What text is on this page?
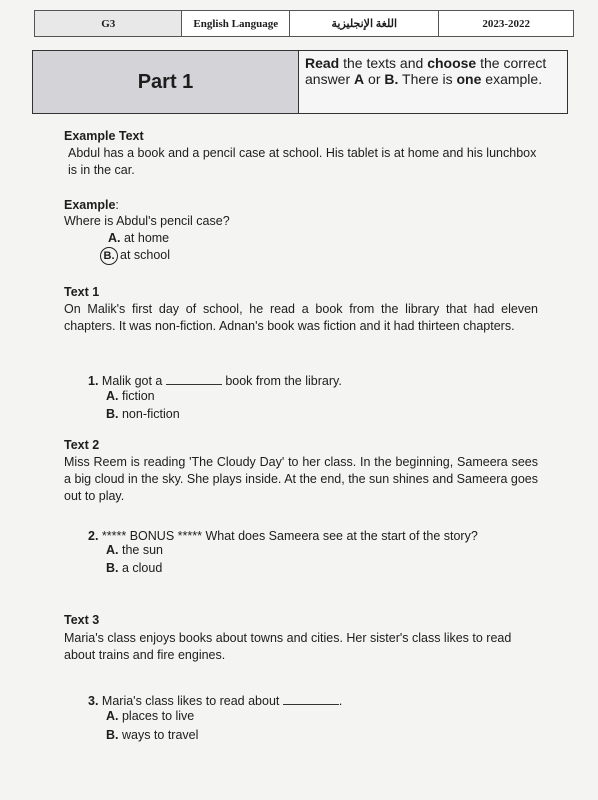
G3	English Language	اللغة الإنجليزية	2023-2022
Part 1
Read the texts and choose the correct answer A or B. There is one example.
Example Text
Abdul has a book and a pencil case at school. His tablet is at home and his lunchbox is in the car.
Example:
Where is Abdul's pencil case?
A. at home
B. at school
Text 1
On Malik's first day of school, he read a book from the library that had eleven chapters. It was non-fiction. Adnan's book was fiction and it had thirteen chapters.
1. Malik got a	book from the library.
A. fiction
B. non-fiction
Text 2
Miss Reem is reading 'The Cloudy Day' to her class. In the beginning, Sameera sees a big cloud in the sky. She plays inside. At the end, the sun shines and Sameera goes out to play.
2. ***** BONUS ***** What does Sameera see at the start of the story?
A. the sun
B. a cloud
Text 3
Maria's class enjoys books about towns and cities. Her sister's class likes to read about trains and fire engines.
3. Maria's class likes to read about	.
A. places to live
B. ways to travel
